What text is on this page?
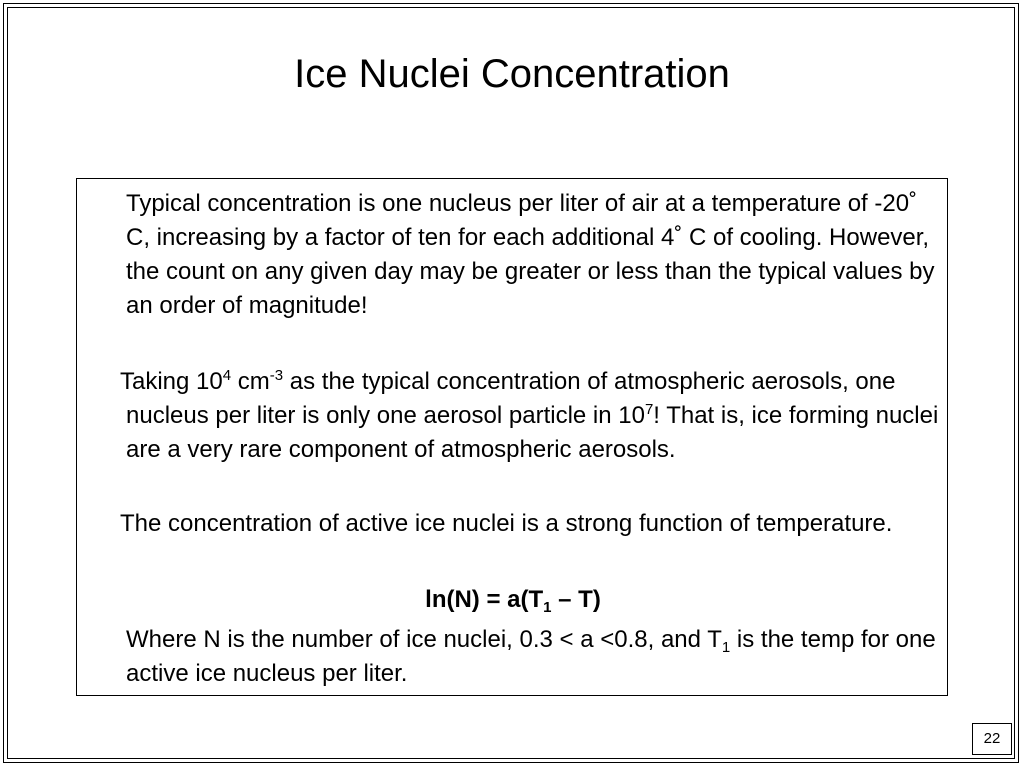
Ice Nuclei Concentration

Typical concentration is one nucleus per liter of air at a temperature of -20˚ C, increasing by a factor of ten for each additional 4˚ C of cooling. However, the count on any given day may be greater or less than the typical values by an order of magnitude!

Taking $10^4$ $cm^{-3}$ as the typical concentration of atmospheric aerosols, one nucleus per liter is only one aerosol particle in $10^7$! That is, ice forming nuclei are a very rare component of atmospheric aerosols.

The concentration of active ice nuclei is a strong function of temperature.

$\ln(N) = a(T_1 - T)$

Where N is the number of ice nuclei, 0.3 < a <0.8, and $T_1$ is the temp for one active ice nucleus per liter.

22
